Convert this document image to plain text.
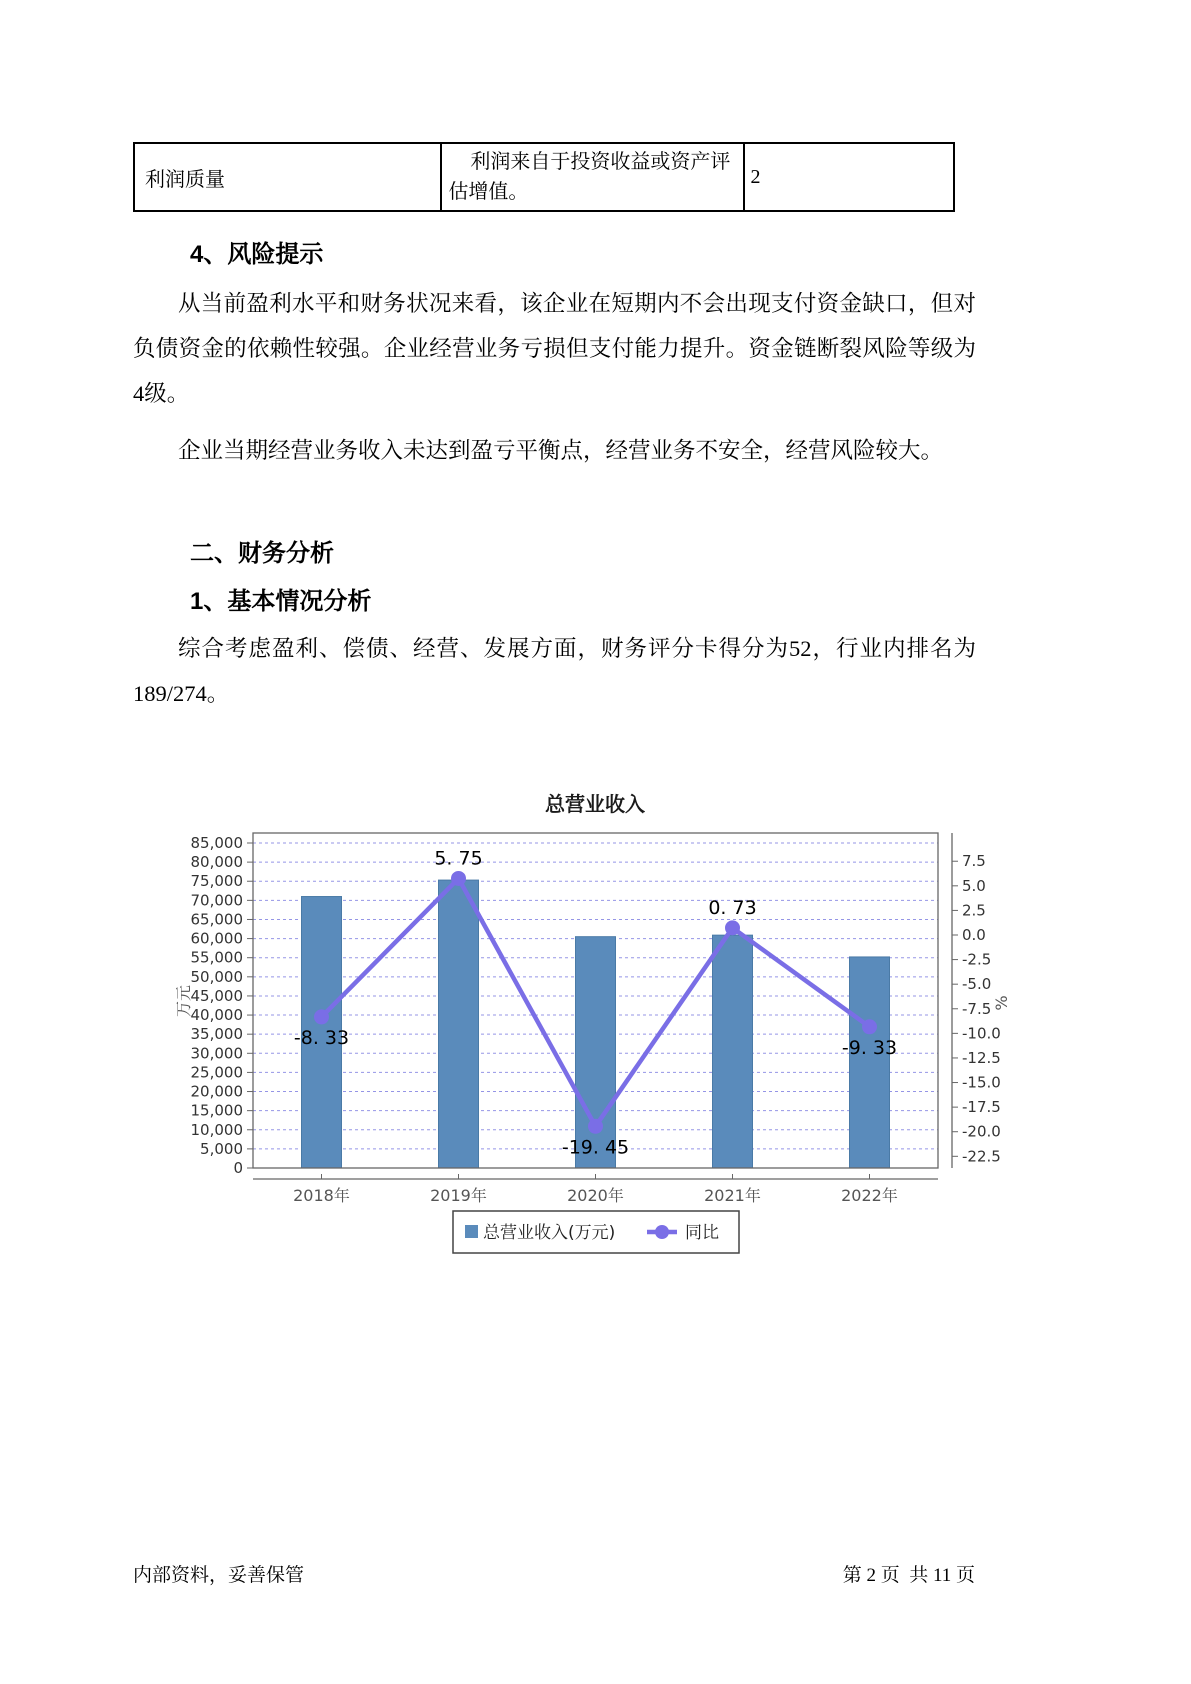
利润质量	利润来自于投资收益或资产评估增值。	2
4、风险提示

从当前盈利水平和财务状况来看，该企业在短期内不会出现支付资金缺口，但对负债资金的依赖性较强。企业经营业务亏损但支付能力提升。资金链断裂风险等级为4级。

企业当期经营业务收入未达到盈亏平衡点，经营业务不安全，经营风险较大。

二、财务分析
1、基本情况分析

综合考虑盈利、偿债、经营、发展方面，财务评分卡得分为52，行业内排名为189/274。

-8. 33
5. 75
-19. 45
0. 73
-9. 33
0
5,000
10,000
15,000
20,000
25,000
30,000
35,000
40,000
45,000
50,000
55,000
60,000
65,000
70,000
75,000
80,000
85,000
万元
7.5
5.0
2.5
0.0
-2.5
-5.0
-7.5
-10.0
-12.5
-15.0
-17.5
-20.0
-22.5
%
2018年	2019年	2020年	2021年	2022年
总营业收入
总营业收入(万元)	同比
内部资料，妥善保管	第 2 页  共 11 页
